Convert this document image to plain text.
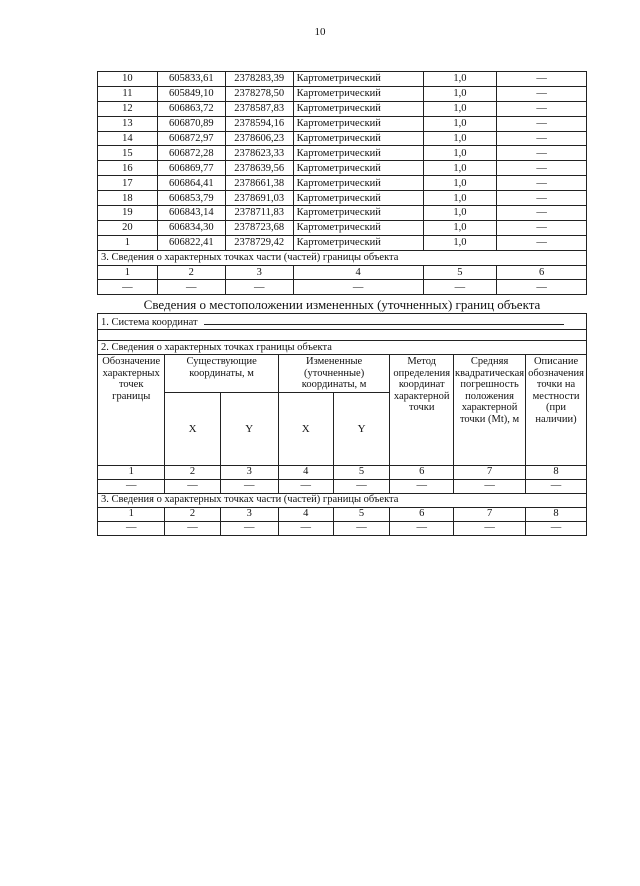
10
10	605833,61	2378283,39	Картометрический	1,0	—
11	605849,10	2378278,50	Картометрический	1,0	—
12	606863,72	2378587,83	Картометрический	1,0	—
13	606870,89	2378594,16	Картометрический	1,0	—
14	606872,97	2378606,23	Картометрический	1,0	—
15	606872,28	2378623,33	Картометрический	1,0	—
16	606869,77	2378639,56	Картометрический	1,0	—
17	606864,41	2378661,38	Картометрический	1,0	—
18	606853,79	2378691,03	Картометрический	1,0	—
19	606843,14	2378711,83	Картометрический	1,0	—
20	606834,30	2378723,68	Картометрический	1,0	—
1	606822,41	2378729,42	Картометрический	1,0	—
3. Сведения о характерных точках части (частей) границы объекта					
1	2	3	4	5	6
—	—	—	—	—	—
Сведения о местоположении измененных (уточненных) границ объекта
1. Система координат							

2. Сведения о характерных точках границы объекта							
Обозначение характерных точек границы	Существующие координаты, м		Измененные (уточненные) координаты, м		Метод определения координат характерной точки	Средняя квадратическая погрешность положения характерной точки (Mt), м	Описание обозначения точки на местности (при наличии)
	X	Y	X	Y			
1	2	3	4	5	6	7	8
—	—	—	—	—	—	—	—
3. Сведения о характерных точках части (частей) границы объекта							
1	2	3	4	5	6	7	8
—	—	—	—	—	—	—	—
